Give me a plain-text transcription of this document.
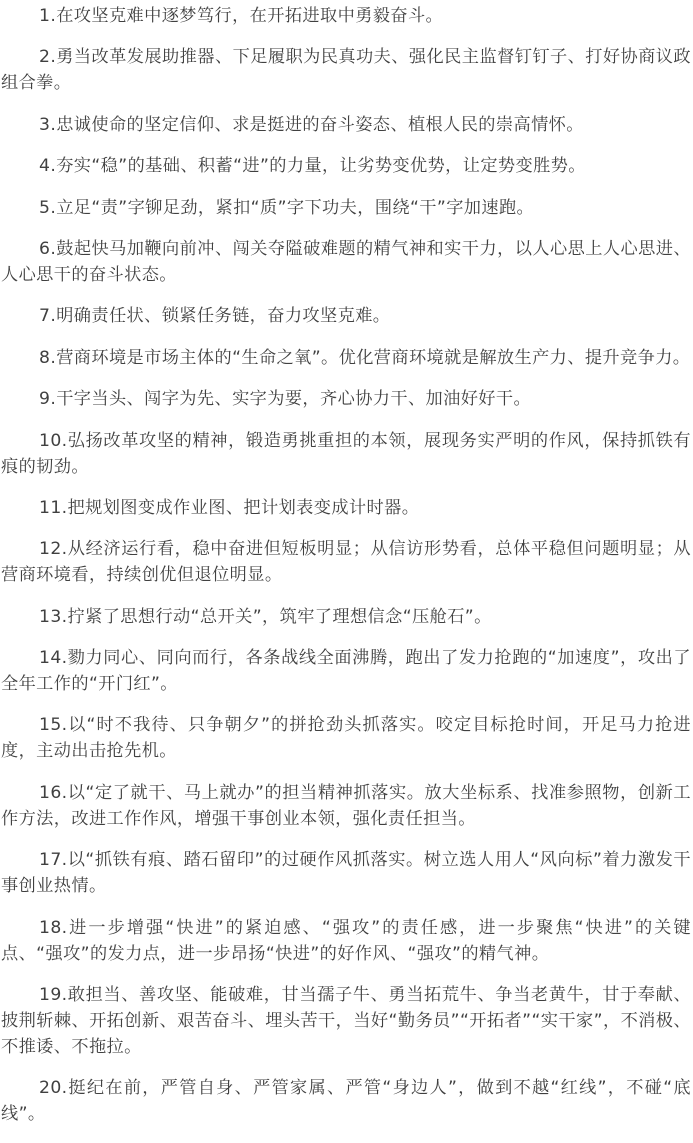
1.在攻坚克难中逐梦笃行，在开拓进取中勇毅奋斗。

2.勇当改革发展助推器、下足履职为民真功夫、强化民主监督钉钉子、打好协商议政组合拳。

3.忠诚使命的坚定信仰、求是挺进的奋斗姿态、植根人民的崇高情怀。

4.夯实“稳”的基础、积蓄“进”的力量，让劣势变优势，让定势变胜势。

5.立足“责”字铆足劲，紧扣“质”字下功夫，围绕“干”字加速跑。

6.鼓起快马加鞭向前冲、闯关夺隘破难题的精气神和实干力，以人心思上人心思进、人心思干的奋斗状态。

7.明确责任状、锁紧任务链，奋力攻坚克难。

8.营商环境是市场主体的“生命之氧”。优化营商环境就是解放生产力、提升竞争力。

9.干字当头、闯字为先、实字为要，齐心协力干、加油好好干。

10.弘扬改革攻坚的精神，锻造勇挑重担的本领，展现务实严明的作风，保持抓铁有痕的韧劲。

11.把规划图变成作业图、把计划表变成计时器。

12.从经济运行看，稳中奋进但短板明显；从信访形势看，总体平稳但问题明显；从营商环境看，持续创优但退位明显。

13.拧紧了思想行动“总开关”，筑牢了理想信念“压舱石”。

14.勠力同心、同向而行，各条战线全面沸腾，跑出了发力抢跑的“加速度”，攻出了全年工作的“开门红”。

15.以“时不我待、只争朝夕”的拼抢劲头抓落实。咬定目标抢时间，开足马力抢进度，主动出击抢先机。

16.以“定了就干、马上就办”的担当精神抓落实。放大坐标系、找准参照物，创新工作方法，改进工作作风，增强干事创业本领，强化责任担当。

17.以“抓铁有痕、踏石留印”的过硬作风抓落实。树立选人用人“风向标”着力激发干事创业热情。

18.进一步增强“快进”的紧迫感、“强攻”的责任感，进一步聚焦“快进”的关键点、“强攻”的发力点，进一步昂扬“快进”的好作风、“强攻”的精气神。

19.敢担当、善攻坚、能破难，甘当孺子牛、勇当拓荒牛、争当老黄牛，甘于奉献、披荆斩棘、开拓创新、艰苦奋斗、埋头苦干，当好“勤务员”“开拓者”“实干家”，不消极、不推诿、不拖拉。

20.挺纪在前，严管自身、严管家属、严管“身边人”，做到不越“红线”，不碰“底线”。
